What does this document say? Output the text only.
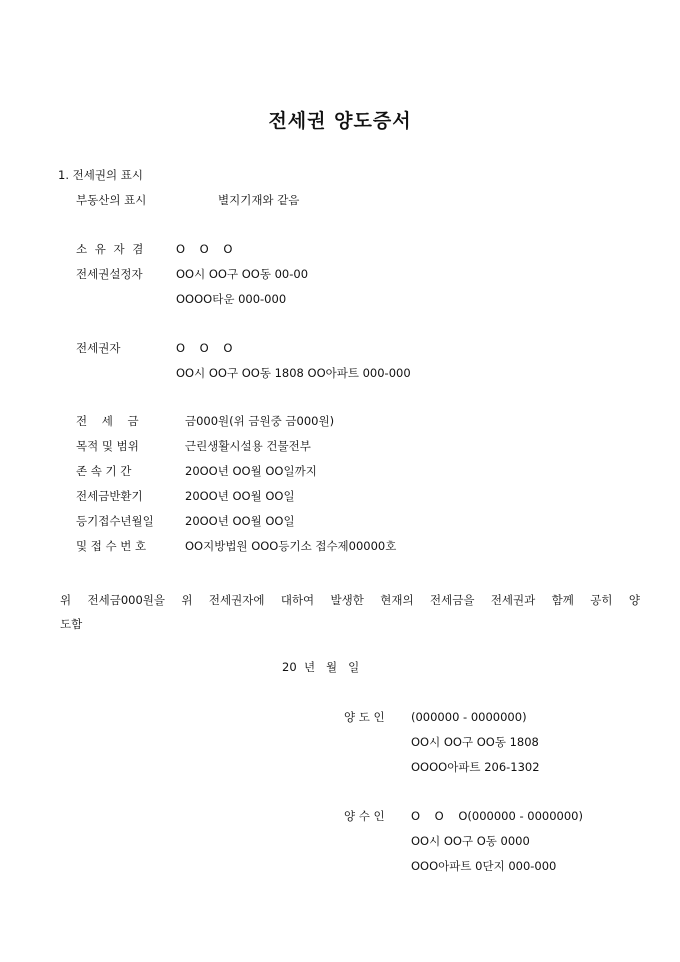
전세권 양도증서
1. 전세권의 표시
부동산의 표시	별지기재와 같음
소 유 자 겸	O    O    O
전세권설정자	OO시 OO구 OO동 00-00
OOOO타운 000-000
전세권자	O    O    O
OO시 OO구 OO동 1808 OO아파트 000-000
전    세    금	금000원(위 금원중 금000원)
목적 및 범위	근린생활시설용 건물전부
존 속 기 간	20OO년 OO월 OO일까지
전세금반환기	20OO년 OO월 OO일
등기접수년월일	20OO년 OO월 OO일
및 접 수 번 호	OO지방법원 OOO등기소 접수제00000호
위 전세금000원을 위 전세권자에 대하여 발생한 현재의 전세금을 전세권과 함께 공히 양
도함
20  년   월   일
양 도 인 (000000 - 0000000)
OO시 OO구 OO동 1808
OOOO아파트 206-1302
양 수 인 O    O    O(000000 - 0000000)
OO시 OO구 O동 0000
OOO아파트 0단지 000-000
